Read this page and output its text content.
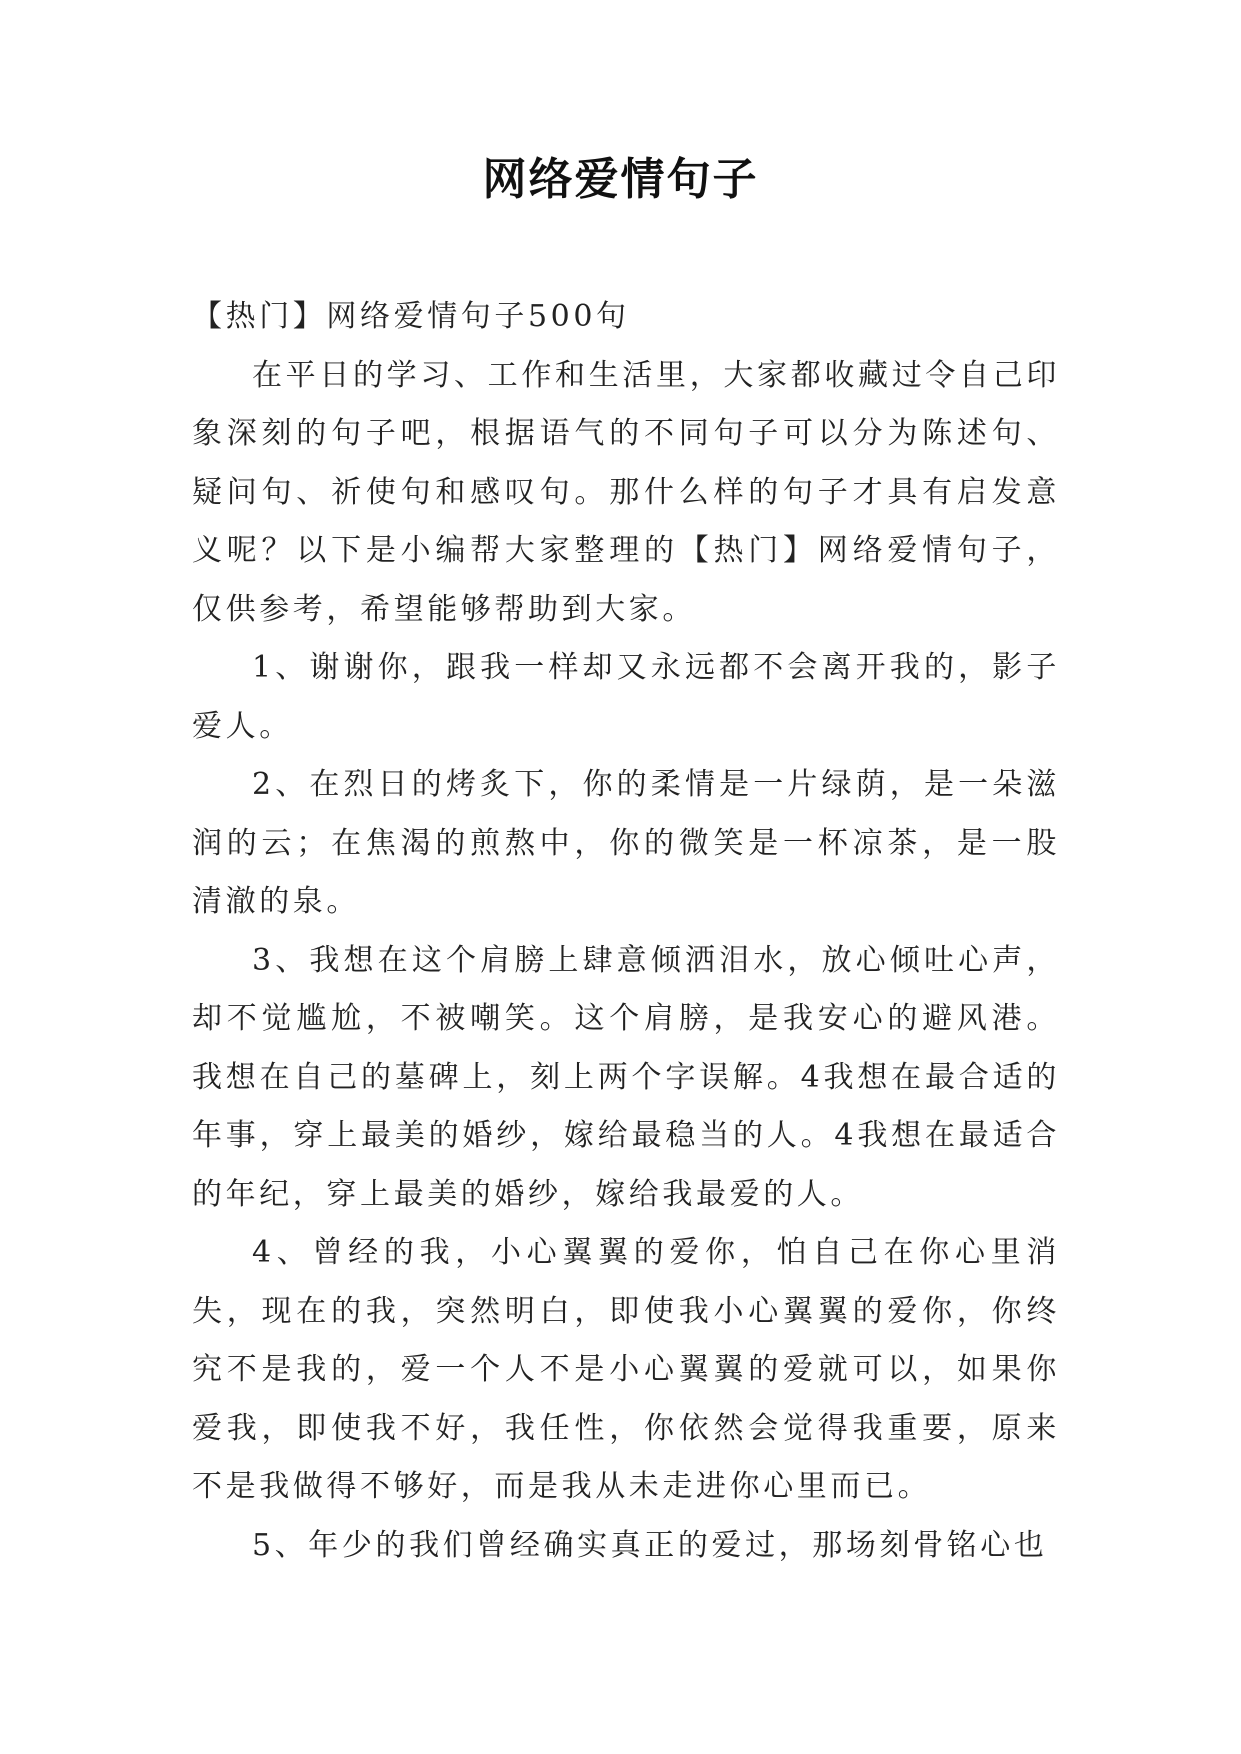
网络爱情句子

【热门】网络爱情句子500句

在平日的学习、工作和生活里，大家都收藏过令自己印象深刻的句子吧，根据语气的不同句子可以分为陈述句、疑问句、祈使句和感叹句。那什么样的句子才具有启发意义呢？以下是小编帮大家整理的【热门】网络爱情句子，仅供参考，希望能够帮助到大家。

1、谢谢你，跟我一样却又永远都不会离开我的，影子爱人。

2、在烈日的烤炙下，你的柔情是一片绿荫，是一朵滋润的云；在焦渴的煎熬中，你的微笑是一杯凉茶，是一股清澈的泉。

3、我想在这个肩膀上肆意倾洒泪水，放心倾吐心声，却不觉尴尬，不被嘲笑。这个肩膀，是我安心的避风港。我想在自己的墓碑上，刻上两个字误解。4我想在最合适的年事，穿上最美的婚纱，嫁给最稳当的人。4我想在最适合的年纪，穿上最美的婚纱，嫁给我最爱的人。

4、曾经的我，小心翼翼的爱你，怕自己在你心里消失，现在的我，突然明白，即使我小心翼翼的爱你，你终究不是我的，爱一个人不是小心翼翼的爱就可以，如果你爱我，即使我不好，我任性，你依然会觉得我重要，原来不是我做得不够好，而是我从未走进你心里而已。

5、年少的我们曾经确实真正的爱过，那场刻骨铭心也
